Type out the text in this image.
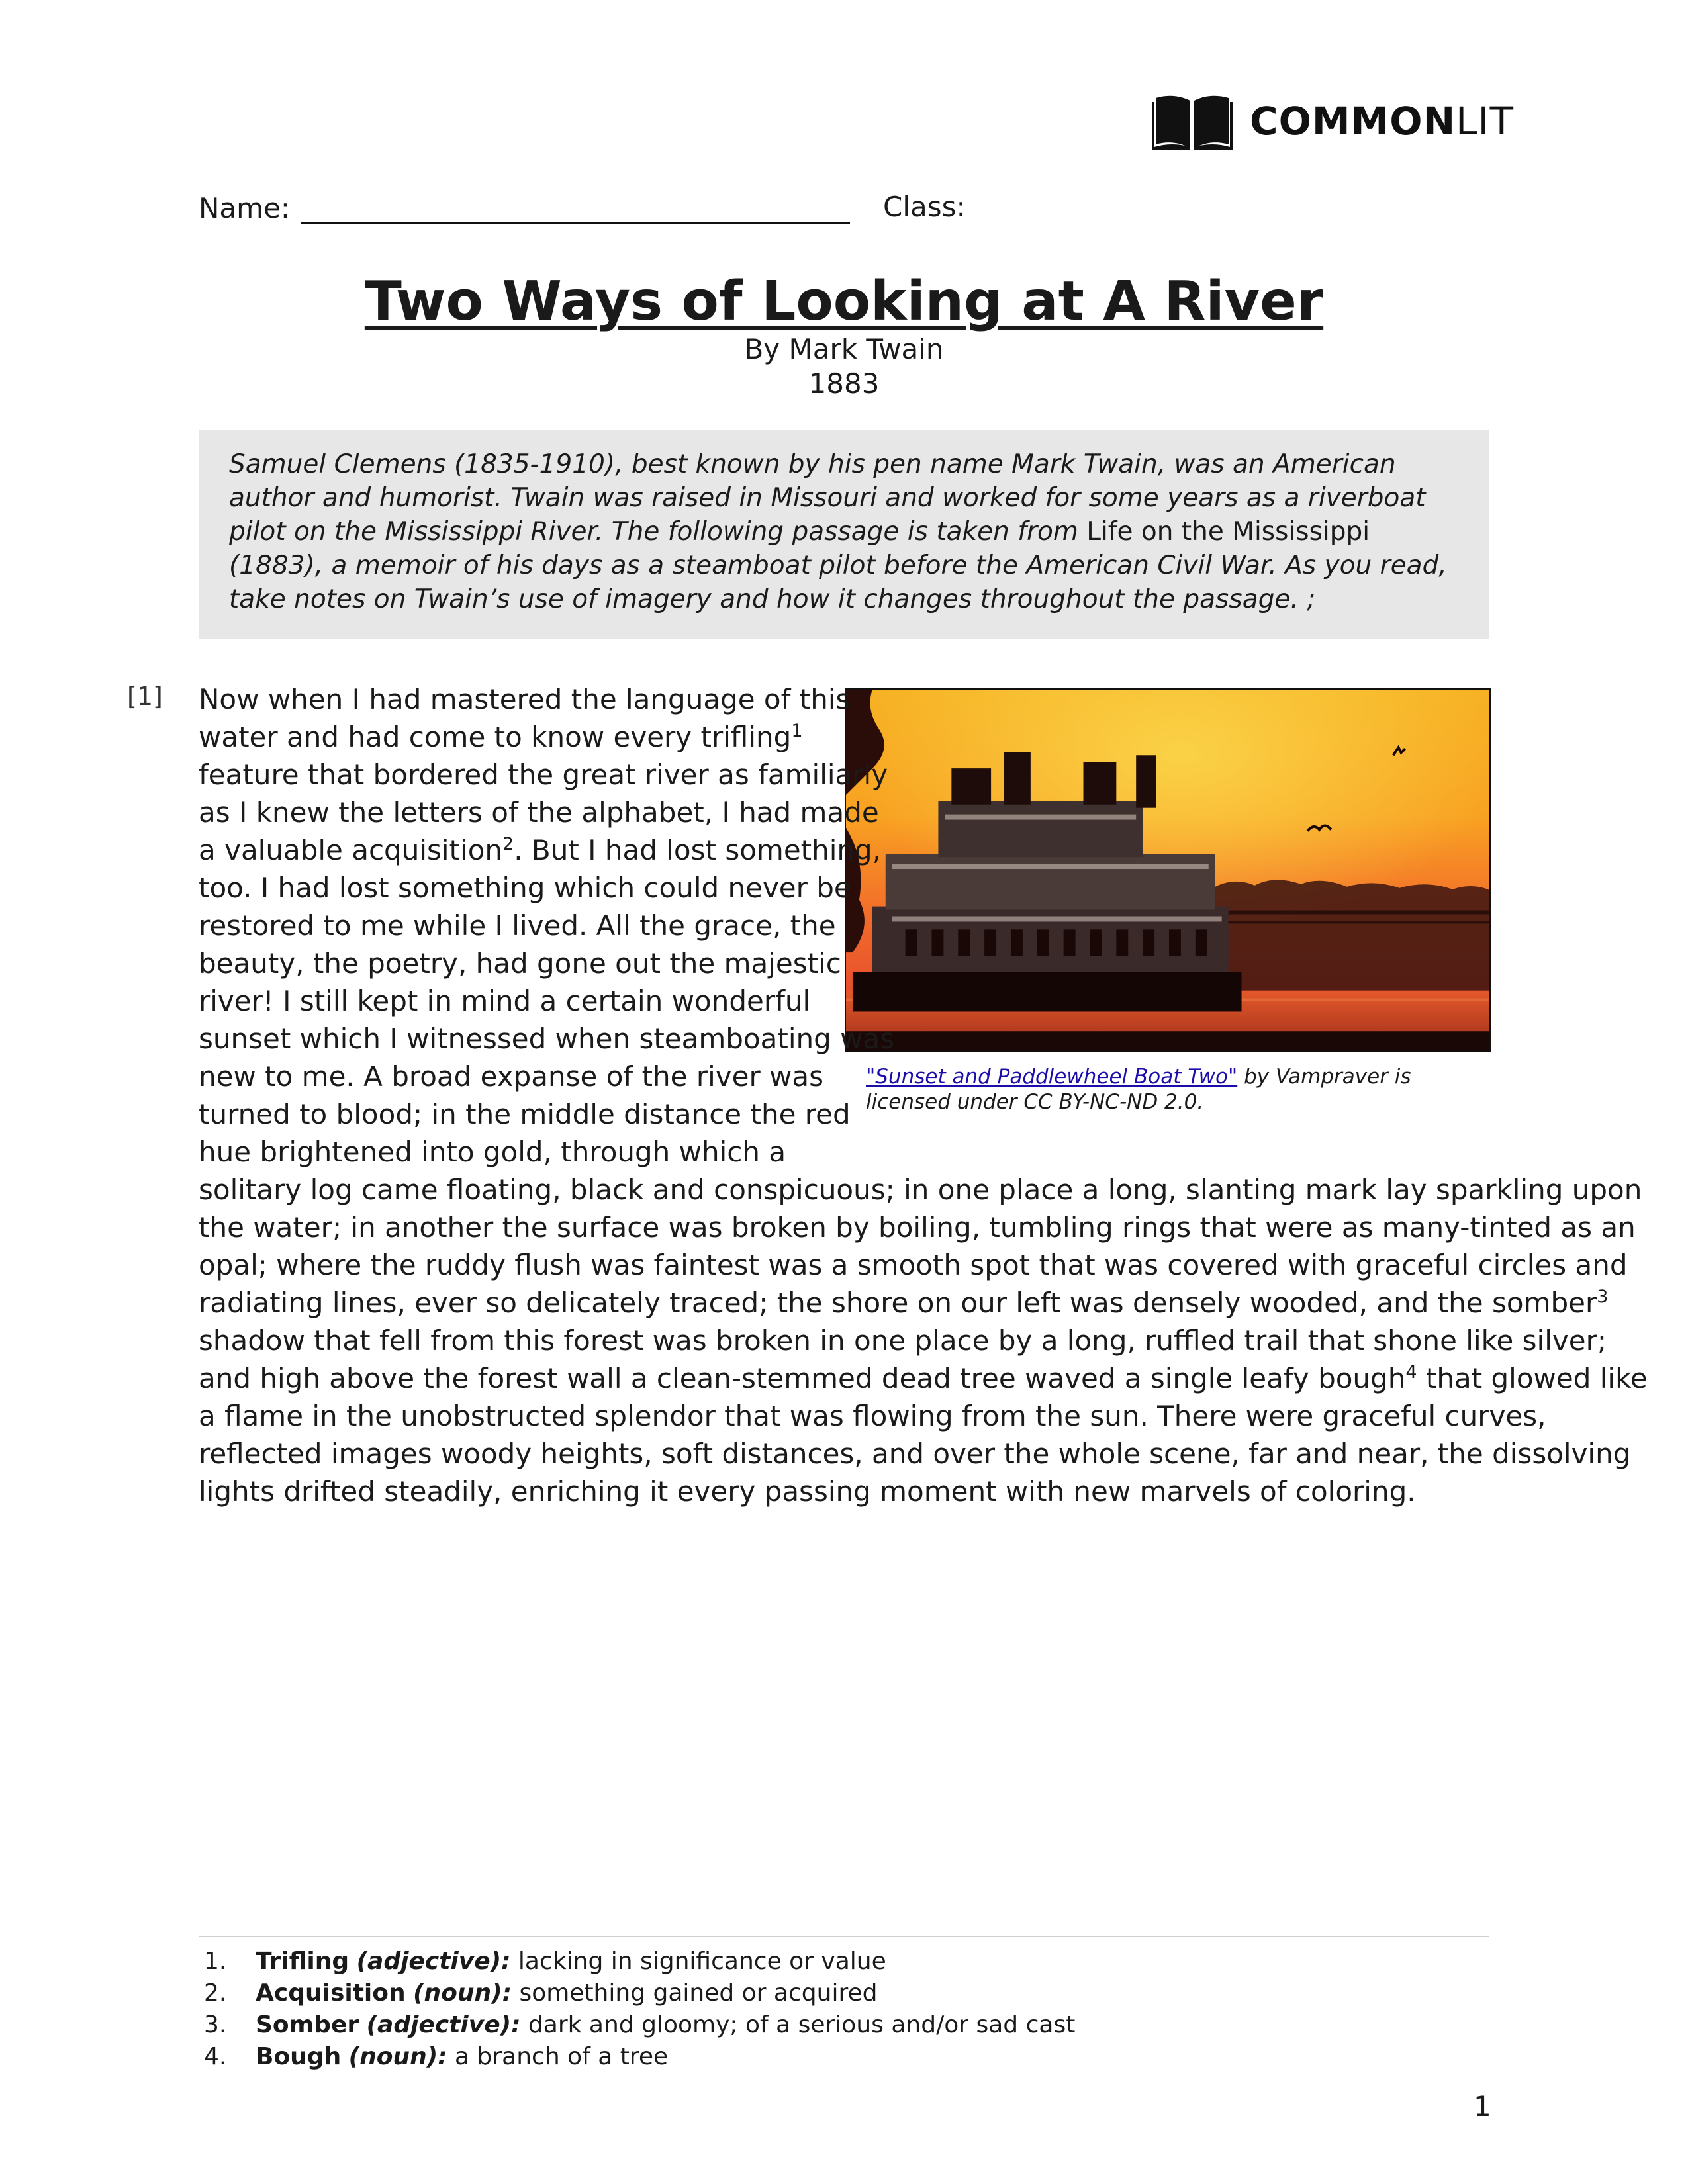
COMMONLIT
Name:	Class:
Two Ways of Looking at A River
By Mark Twain
1883
Samuel Clemens (1835-1910), best known by his pen name Mark Twain, was an American author and humorist. Twain was raised in Missouri and worked for some years as a riverboat pilot on the Mississippi River. The following passage is taken from Life on the Mississippi (1883), a memoir of his days as a steamboat pilot before the American Civil War. As you read, take notes on Twain’s use of imagery and how it changes throughout the passage. ;
[1]
"Sunset and Paddlewheel Boat Two" by Vampraver is licensed under CC BY-NC-ND 2.0.
Now when I had mastered the language of this
water and had come to know every trifling$^1$
feature that bordered the great river as familiarly
as I knew the letters of the alphabet, I had made
a valuable acquisition$^2$. But I had lost something,
too. I had lost something which could never be
restored to me while I lived. All the grace, the
beauty, the poetry, had gone out the majestic
river! I still kept in mind a certain wonderful
sunset which I witnessed when steamboating was
new to me. A broad expanse of the river was
turned to blood; in the middle distance the red
hue brightened into gold, through which a
solitary log came floating, black and conspicuous; in one place a long, slanting mark lay sparkling upon
the water; in another the surface was broken by boiling, tumbling rings that were as many-tinted as an
opal; where the ruddy flush was faintest was a smooth spot that was covered with graceful circles and
radiating lines, ever so delicately traced; the shore on our left was densely wooded, and the somber$^3$
shadow that fell from this forest was broken in one place by a long, ruffled trail that shone like silver;
and high above the forest wall a clean-stemmed dead tree waved a single leafy bough$^4$ that glowed like
a flame in the unobstructed splendor that was flowing from the sun. There were graceful curves,
reflected images woody heights, soft distances, and over the whole scene, far and near, the dissolving
lights drifted steadily, enriching it every passing moment with new marvels of coloring.
1.	Trifling (adjective): lacking in significance or value
2.	Acquisition (noun): something gained or acquired
3.	Somber (adjective): dark and gloomy; of a serious and/or sad cast
4.	Bough (noun): a branch of a tree
1
